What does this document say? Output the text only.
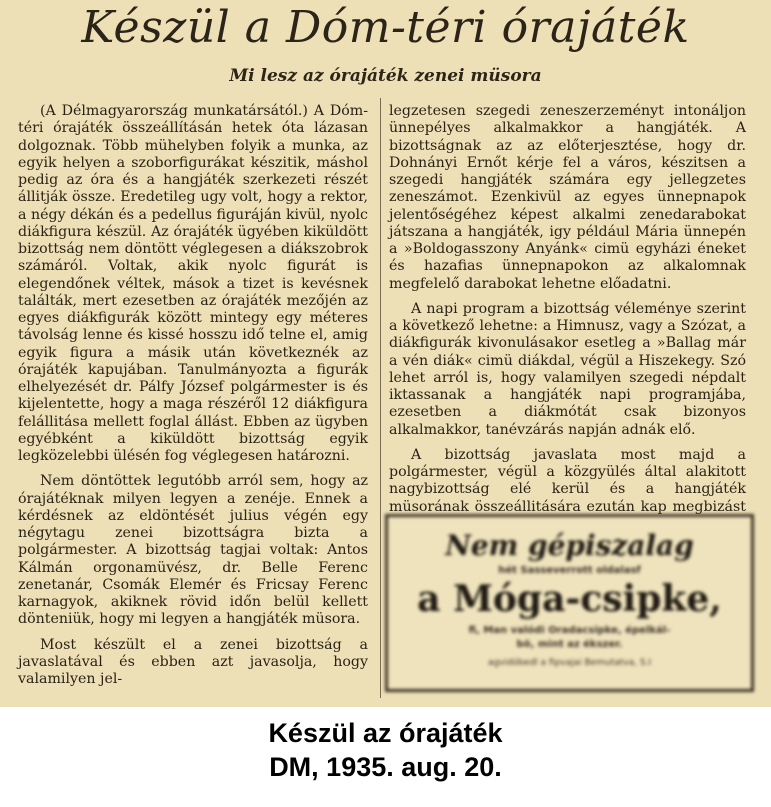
Készül a Dóm-téri órajáték
Mi lesz az órajáték zenei müsora

(A Délmagyarország munkatársától.) A Dóm-téri órajáték összeállításán hetek óta lázasan dolgoznak. Több mühelyben folyik a munka, az egyik helyen a szoborfigurákat készitik, máshol pedig az óra és a hangjáték szerkezeti részét állitják össze. Eredetileg ugy volt, hogy a rektor, a négy dékán és a pedellus figuráján kivül, nyolc diákfigura készül. Az órajáték ügyében kiküldött bizottság nem döntött véglegesen a diákszobrok számáról. Voltak, akik nyolc figurát is elegendőnek véltek, mások a tizet is kevésnek találták, mert ezesetben az órajáték mezőjén az egyes diákfigurák között mintegy egy méteres távolság lenne és kissé hosszu idő telne el, amig egyik figura a másik után következnék az órajáték kapujában. Tanulmányozta a figurák elhelyezését dr. Pálfy József polgármester is és kijelentette, hogy a maga részéről 12 diákfigura felállitása mellett foglal állást. Ebben az ügyben egyébként a kiküldött bizottság egyik legközelebbi ülésén fog véglegesen határozni.

Nem döntöttek legutóbb arról sem, hogy az órajátéknak milyen legyen a zenéje. Ennek a kérdésnek az eldöntését julius végén egy négytagu zenei bizottságra bizta a polgármester. A bizottság tagjai voltak: Antos Kálmán orgonamüvész, dr. Belle Ferenc zenetanár, Csomák Elemér és Fricsay Ferenc karnagyok, akiknek rövid időn belül kellett dönteniük, hogy mi legyen a hangjáték müsora.

Most készült el a zenei bizottság a javaslatával és ebben azt javasolja, hogy valamilyen jel-

legzetesen szegedi zeneszerzeményt intonáljon ünnepélyes alkalmakkor a hangjáték. A bizottságnak az az előterjesztése, hogy dr. Dohnányi Ernőt kérje fel a város, készitsen a szegedi hangjáték számára egy jellegzetes zeneszámot. Ezenkivül az egyes ünnepnapok jelentőségéhez képest alkalmi zenedarabokat játszana a hangjáték, igy például Mária ünnepén a »Boldogasszony Anyánk« cimü egyházi éneket és hazafias ünnepnapokon az alkalomnak megfelelő darabokat lehetne előadatni.

A napi program a bizottság véleménye szerint a következő lehetne: a Himnusz, vagy a Szózat, a diákfigurák kivonulásakor esetleg a »Ballag már a vén diák« cimü diákdal, végül a Hiszekegy. Szó lehet arról is, hogy valamilyen szegedi népdalt iktassanak a hangjáték napi programjába, ezesetben a diákmótát csak bizonyos alkalmakkor, tanévzárás napján adnák elő.

A bizottság javaslata most majd a polgármester, végül a közgyülés által alakitott nagybizottság elé kerül és a hangjáték müsorának összeállitására ezután kap megbizást

Nem gépiszalag
hét Sasseverrott oldalasf
a Móga-csipke,
fi, Man valódi Oradacsipke, épelkál-
bõ, mint az ékszer.
agvidóbedl a fipvajai Bemutatva, S.I
Készül az órajáték
DM, 1935. aug. 20.
